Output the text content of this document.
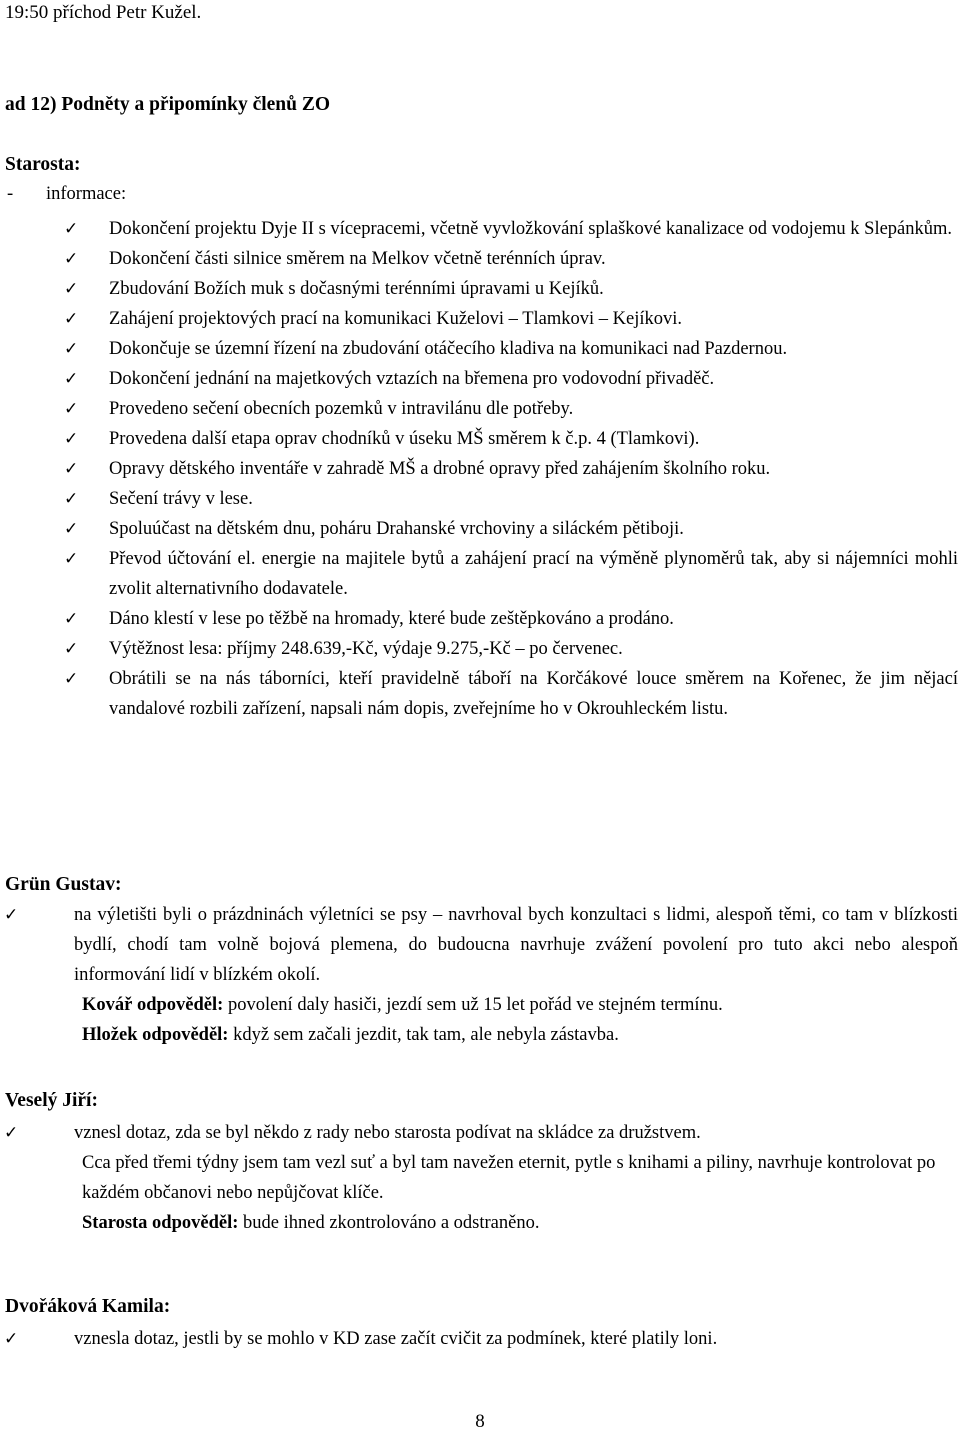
19:50 příchod Petr Kužel.
ad 12) Podněty a připomínky členů ZO
Starosta:
- informace:
✓ Dokončení projektu Dyje II s vícepracemi, včetně vyvložkování splaškové kanalizace od vodojemu k Slepánkům.
✓ Dokončení části silnice směrem na Melkov včetně terénních úprav.
✓ Zbudování Božích muk s dočasnými terénními úpravami u Kejíků.
✓ Zahájení projektových prací na komunikaci Kuželovi – Tlamkovi – Kejíkovi.
✓ Dokončuje se územní řízení na zbudování otáčecího kladiva na komunikaci nad Pazdernou.
✓ Dokončení jednání na majetkových vztazích na břemena pro vodovodní přivaděč.
✓ Provedeno sečení obecních pozemků v intravilánu dle potřeby.
✓ Provedena další etapa oprav chodníků v úseku MŠ směrem k č.p. 4 (Tlamkovi).
✓ Opravy dětského inventáře v zahradě MŠ a drobné opravy před zahájením školního roku.
✓ Sečení trávy v lese.
✓ Spoluúčast na dětském dnu, poháru Drahanské vrchoviny a siláckém pětiboji.
✓ Převod účtování el. energie na majitele bytů a zahájení prací na výměně plynoměrů tak, aby si nájemníci mohli zvolit alternativního dodavatele.
✓ Dáno klestí v lese po těžbě na hromady, které bude zeštěpkováno a prodáno.
✓ Výtěžnost lesa: příjmy 248.639,-Kč, výdaje 9.275,-Kč – po červenec.
✓ Obrátili se na nás táborníci, kteří pravidelně táboří na Korčákové louce směrem na Kořenec, že jim nějací vandalové rozbili zařízení, napsali nám dopis, zveřejníme ho v Okrouhleckém listu.
Grün Gustav:
✓	na výletišti byli o prázdninách výletníci se psy – navrhoval bych konzultaci s lidmi, alespoň těmi, co tam v blízkosti bydlí, chodí tam volně bojová plemena, do budoucna navrhuje zvážení povolení pro tuto akci nebo alespoň informování lidí v blízkém okolí.
Kovář odpověděl: povolení daly hasiči, jezdí sem už 15 let pořád ve stejném termínu.
Hložek odpověděl: když sem začali jezdit, tak tam, ale nebyla zástavba.
Veselý Jiří:
✓	vznesl dotaz, zda se byl někdo z rady nebo starosta podívat na skládce za družstvem.
Cca před třemi týdny jsem tam vezl suť a byl tam navežen eternit, pytle s knihami a piliny, navrhuje kontrolovat po každém občanovi nebo nepůjčovat klíče.
Starosta odpověděl: bude ihned zkontrolováno a odstraněno.
Dvořáková Kamila:
✓	vznesla dotaz, jestli by se mohlo v KD zase začít cvičit za podmínek, které platily loni.
8
